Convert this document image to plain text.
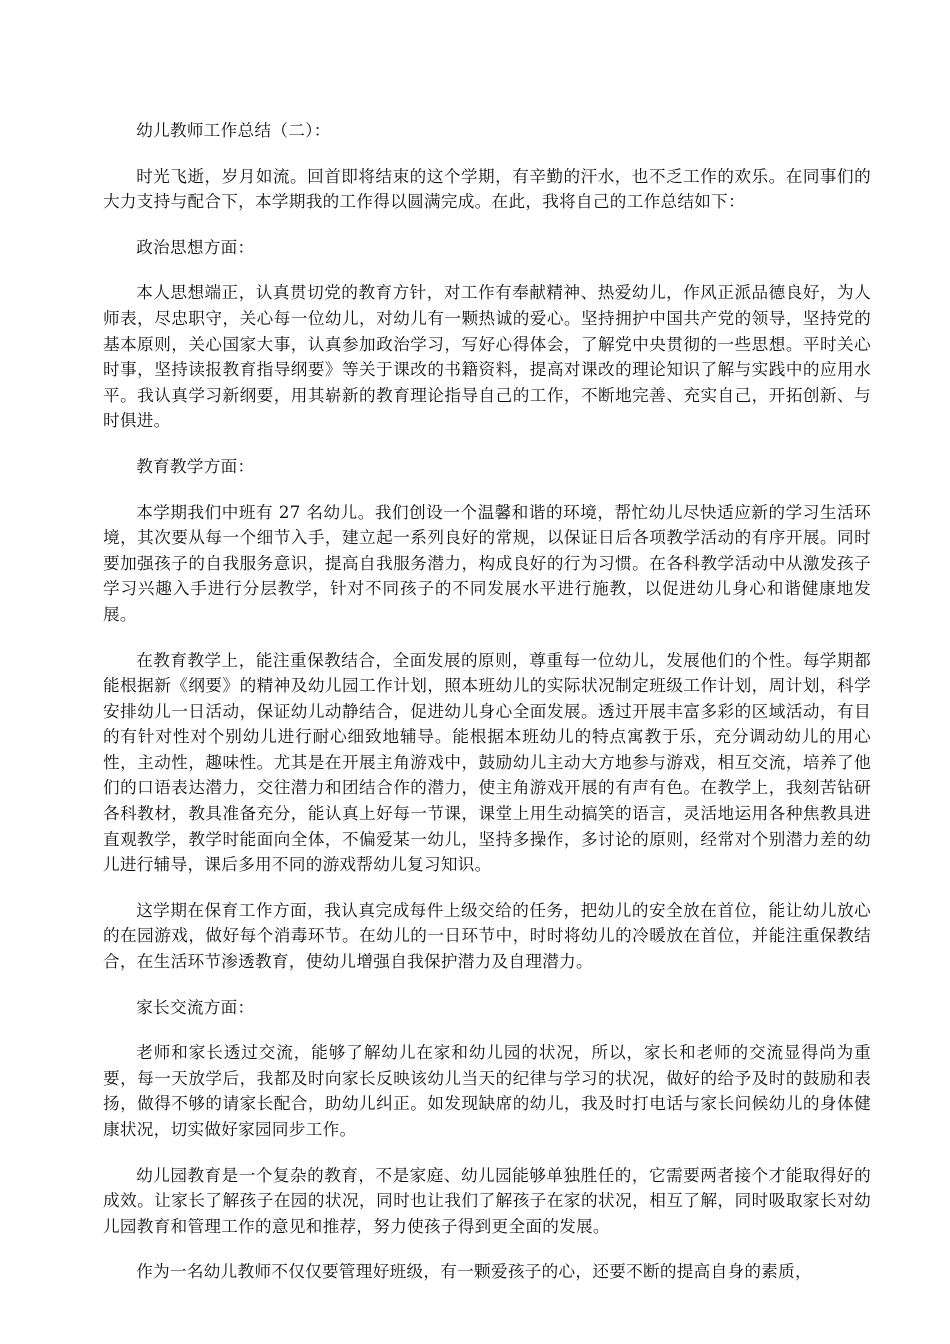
幼儿教师工作总结（二）：

时光飞逝，岁月如流。回首即将结束的这个学期，有辛勤的汗水，也不乏工作的欢乐。在同事们的大力支持与配合下，本学期我的工作得以圆满完成。在此，我将自己的工作总结如下：

政治思想方面：

本人思想端正，认真贯切党的教育方针，对工作有奉献精神、热爱幼儿，作风正派品德良好，为人师表，尽忠职守，关心每一位幼儿，对幼儿有一颗热诚的爱心。坚持拥护中国共产党的领导，坚持党的基本原则，关心国家大事，认真参加政治学习，写好心得体会，了解党中央贯彻的一些思想。平时关心时事，坚持读报教育指导纲要》等关于课改的书籍资料，提高对课改的理论知识了解与实践中的应用水平。我认真学习新纲要，用其崭新的教育理论指导自己的工作，不断地完善、充实自己，开拓创新、与时俱进。

教育教学方面：

本学期我们中班有 27 名幼儿。我们创设一个温馨和谐的环境，帮忙幼儿尽快适应新的学习生活环境，其次要从每一个细节入手，建立起一系列良好的常规，以保证日后各项教学活动的有序开展。同时要加强孩子的自我服务意识，提高自我服务潜力，构成良好的行为习惯。在各科教学活动中从激发孩子学习兴趣入手进行分层教学，针对不同孩子的不同发展水平进行施教，以促进幼儿身心和谐健康地发展。

在教育教学上，能注重保教结合，全面发展的原则，尊重每一位幼儿，发展他们的个性。每学期都能根据新《纲要》的精神及幼儿园工作计划，照本班幼儿的实际状况制定班级工作计划，周计划，科学安排幼儿一日活动，保证幼儿动静结合，促进幼儿身心全面发展。透过开展丰富多彩的区域活动，有目的有针对性对个别幼儿进行耐心细致地辅导。能根据本班幼儿的特点寓教于乐，充分调动幼儿的用心性，主动性，趣味性。尤其是在开展主角游戏中，鼓励幼儿主动大方地参与游戏，相互交流，培养了他们的口语表达潜力，交往潜力和团结合作的潜力，使主角游戏开展的有声有色。在教学上，我刻苦钻研各科教材，教具准备充分，能认真上好每一节课，课堂上用生动搞笑的语言，灵活地运用各种焦教具进直观教学，教学时能面向全体，不偏爱某一幼儿，坚持多操作，多讨论的原则，经常对个别潜力差的幼儿进行辅导，课后多用不同的游戏帮幼儿复习知识。

这学期在保育工作方面，我认真完成每件上级交给的任务，把幼儿的安全放在首位，能让幼儿放心的在园游戏，做好每个消毒环节。在幼儿的一日环节中，时时将幼儿的冷暖放在首位，并能注重保教结合，在生活环节渗透教育，使幼儿增强自我保护潜力及自理潜力。

家长交流方面：

老师和家长透过交流，能够了解幼儿在家和幼儿园的状况，所以，家长和老师的交流显得尚为重要，每一天放学后，我都及时向家长反映该幼儿当天的纪律与学习的状况，做好的给予及时的鼓励和表扬，做得不够的请家长配合，助幼儿纠正。如发现缺席的幼儿，我及时打电话与家长问候幼儿的身体健康状况，切实做好家园同步工作。

幼儿园教育是一个复杂的教育，不是家庭、幼儿园能够单独胜任的，它需要两者接个才能取得好的成效。让家长了解孩子在园的状况，同时也让我们了解孩子在家的状况，相互了解，同时吸取家长对幼儿园教育和管理工作的意见和推荐，努力使孩子得到更全面的发展。

作为一名幼儿教师不仅仅要管理好班级，有一颗爱孩子的心，还要不断的提高自身的素质，
